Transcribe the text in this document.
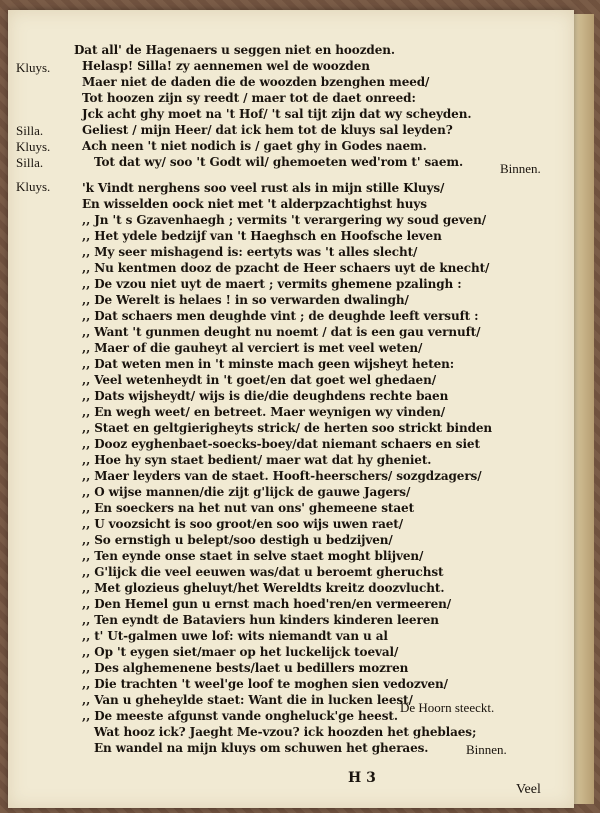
Dat all' de Hagenaers u seggen niet en hoozden.
Helasp! Silla! zy aennemen wel de woozden
Maer niet de daden die de woozden bzenghen meed/
Tot hoozen zijn sy reedt / maer tot de daet onreed:
Jck acht ghy moet na 't Hof/ 't sal tijt zijn dat wy scheyden.
Geliest / mijn Heer/ dat ick hem tot de kluys sal leyden?
Ach neen 't niet nodich is / gaet ghy in Godes naem.
Tot dat wy/ soo 't Godt wil/ ghemoeten wed'rom t' saem.
Kluys.
Silla.
Kluys.
Silla.	Binnen.
Kluys.	'k Vindt nerghens soo veel rust als in mijn stille Kluys/
En wisselden oock niet met 't alderpzachtighst huys
,, Jn 't s Gzavenhaegh ; vermits 't verargering wy soud geven/
,, Het ydele bedzijf van 't Haeghsch en Hoofsche leven
,, My seer mishagend is: eertyts was 't alles slecht/
,, Nu kentmen dooz de pzacht de Heer schaers uyt de knecht/
,, De vzou niet uyt de maert ; vermits ghemene pzalingh :
,, De Werelt is helaes ! in so verwarden dwalingh/
,, Dat schaers men deughde vint ; de deughde leeft versuft :
,, Want 't gunmen deught nu noemt / dat is een gau vernuft/
,, Maer of die gauheyt al verciert is met veel weten/
,, Dat weten men in 't minste mach geen wijsheyt heten:
,, Veel wetenheydt in 't goet/en dat goet wel ghedaen/
,, Dats wijsheydt/ wijs is die/die deughdens rechte baen
,, En wegh weet/ en betreet. Maer weynigen wy vinden/
,, Staet en geltgierigheyts strick/ de herten soo strickt binden
,, Dooz eyghenbaet-soecks-boey/dat niemant schaers en siet
,, Hoe hy syn staet bedient/ maer wat dat hy gheniet.
,, Maer leyders van de staet. Hooft-heerschers/ sozgdzagers/
,, O wijse mannen/die zijt g'lijck de gauwe Jagers/
,, En soeckers na het nut van ons' ghemeene staet
,, U voozsicht is soo groot/en soo wijs uwen raet/
,, So ernstigh u belept/soo destigh u bedzijven/
,, Ten eynde onse staet in selve staet moght blijven/
,, G'lijck die veel eeuwen was/dat u beroemt gheruchst
,, Met glozieus gheluyt/het Wereldts kreitz doozvlucht.
,, Den Hemel gun u ernst mach hoed'ren/en vermeeren/
,, Ten eyndt de Bataviers hun kinders kinderen leeren
,, t' Ut-galmen uwe lof: wits niemandt van u al
,, Op 't eygen siet/maer op het luckelijck toeval/
,, Des alghemenene bests/laet u bedillers mozren
,, Die trachten 't weel'ge loof te moghen sien vedozven/
,, Van u gheheylde staet: Want die in lucken leest/
,, De meeste afgunst vande ongheluck'ge heest.
De Hoorn steeckt.
Wat hooz ick? Jaeght Me-vzou? ick hoozden het gheblaes;
En wandel na mijn kluys om schuwen het gheraes.	Binnen.
H 3
Veel
